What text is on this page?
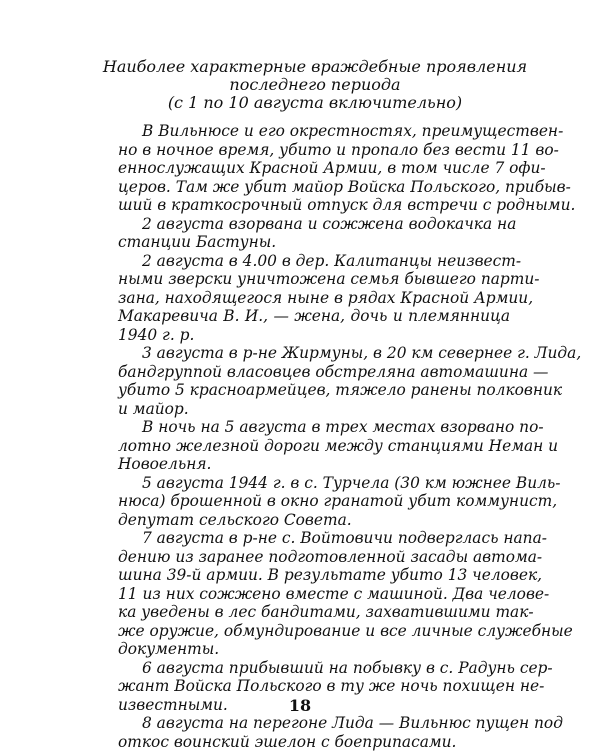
Наиболее характерные враждебные проявления
последнего периода
(с 1 по 10 августа включительно)
В Вильнюсе и его окрестностях, преимуществен-
но в ночное время, убито и пропало без вести 11 во-
еннослужащих Красной Армии, в том числе 7 офи-
церов. Там же убит майор Войска Польского, прибыв-
ший в краткосрочный отпуск для встречи с родными.
2 августа взорвана и сожжена водокачка на
станции Бастуны.
2 августа в 4.00 в дер. Калитанцы неизвест-
ными зверски уничтожена семья бывшего парти-
зана, находящегося ныне в рядах Красной Армии,
Макаревича В. И., — жена, дочь и племянница
1940 г. р.
3 августа в р-не Жирмуны, в 20 км севернее г. Лида,
бандгруппой власовцев обстреляна автомашина —
убито 5 красноармейцев, тяжело ранены полковник
и майор.
В ночь на 5 августа в трех местах взорвано по-
лотно железной дороги между станциями Неман и
Новоельня.
5 августа 1944 г. в с. Турчела (30 км южнее Виль-
нюса) брошенной в окно гранатой убит коммунист,
депутат сельского Совета.
7 августа в р-не с. Войтовичи подверглась напа-
дению из заранее подготовленной засады автома-
шина 39-й армии. В результате убито 13 человек,
11 из них сожжено вместе с машиной. Два челове-
ка уведены в лес бандитами, захватившими так-
же оружие, обмундирование и все личные служебные
документы.
6 августа прибывший на побывку в с. Радунь сер-
жант Войска Польского в ту же ночь похищен не-
известными.
8 августа на перегоне Лида — Вильнюс пущен под
откос воинский эшелон с боеприпасами.
18
